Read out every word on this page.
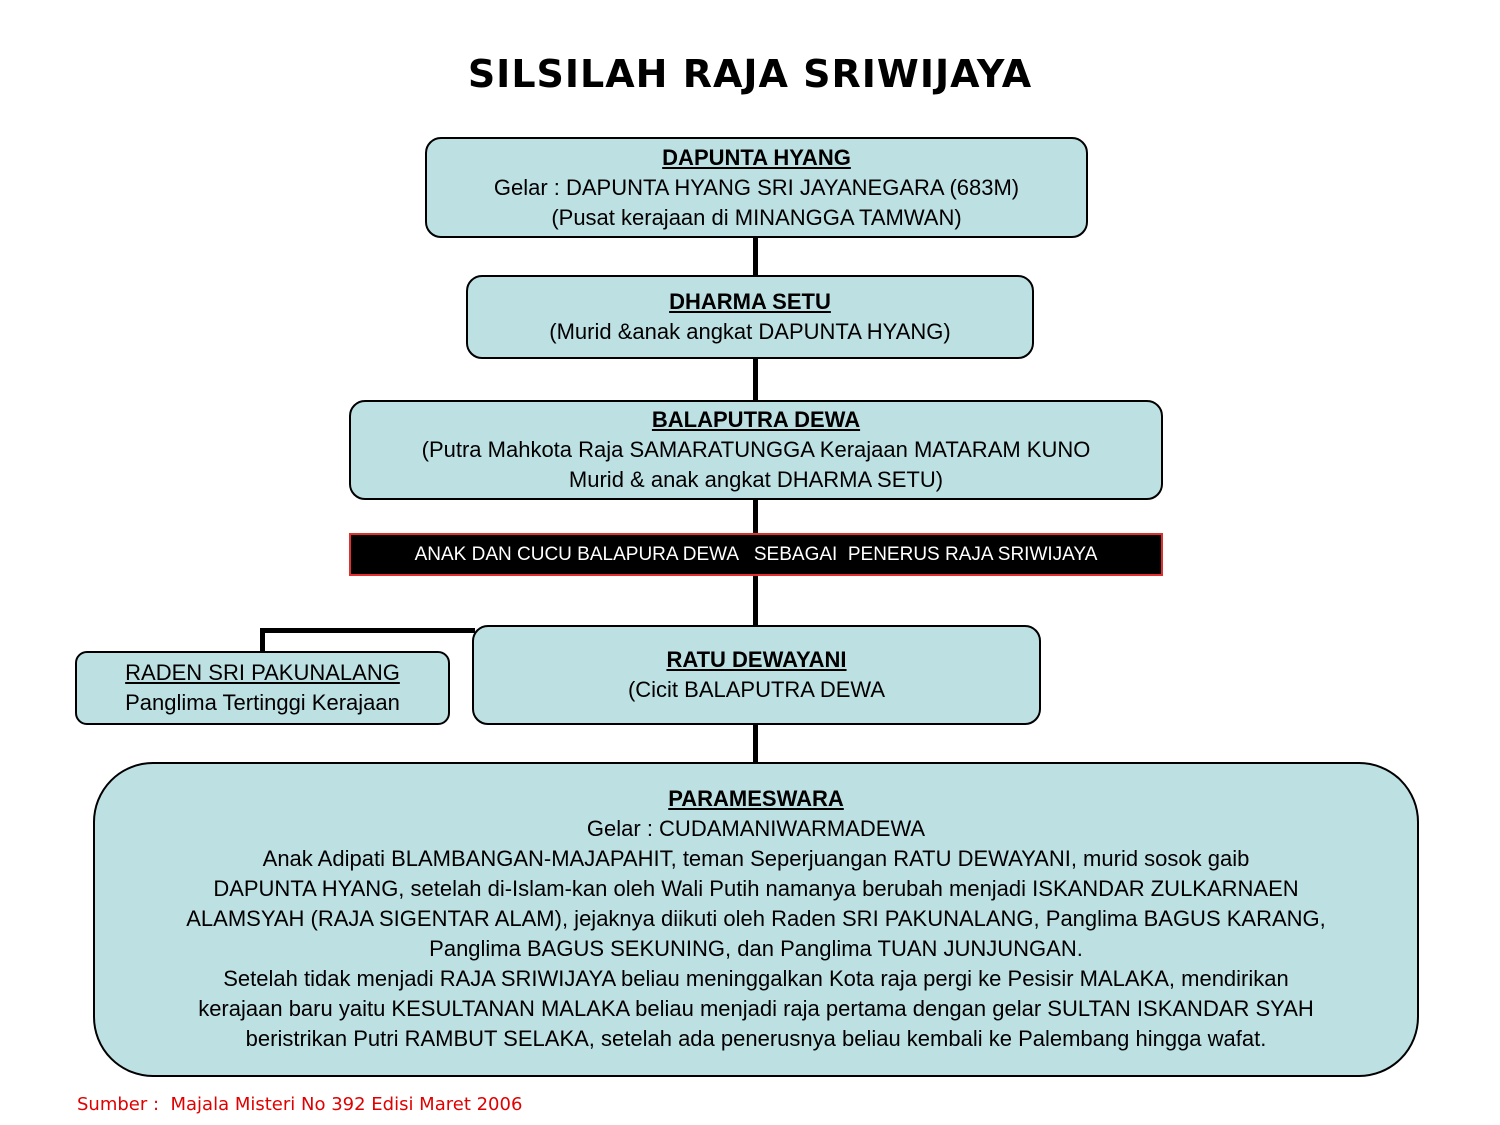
SILSILAH RAJA SRIWIJAYA
DAPUNTA HYANG
Gelar : DAPUNTA HYANG SRI JAYANEGARA (683M)
(Pusat kerajaan di MINANGGA TAMWAN)
DHARMA SETU
(Murid &anak angkat DAPUNTA HYANG)
BALAPUTRA DEWA
(Putra Mahkota Raja SAMARATUNGGA Kerajaan MATARAM KUNO
Murid & anak angkat DHARMA SETU)
ANAK DAN CUCU BALAPURA DEWA   SEBAGAI  PENERUS RAJA SRIWIJAYA
RADEN SRI PAKUNALANG
Panglima Tertinggi Kerajaan
RATU DEWAYANI
(Cicit BALAPUTRA DEWA
PARAMESWARA
Gelar : CUDAMANIWARMADEWA
Anak Adipati BLAMBANGAN-MAJAPAHIT, teman Seperjuangan RATU DEWAYANI, murid sosok gaib
DAPUNTA HYANG, setelah di-Islam-kan oleh Wali Putih namanya berubah menjadi ISKANDAR ZULKARNAEN
ALAMSYAH (RAJA SIGENTAR ALAM), jejaknya diikuti oleh Raden SRI PAKUNALANG, Panglima BAGUS KARANG,
Panglima BAGUS SEKUNING, dan Panglima TUAN JUNJUNGAN.
Setelah tidak menjadi RAJA SRIWIJAYA beliau meninggalkan Kota raja pergi ke Pesisir MALAKA, mendirikan
kerajaan baru yaitu KESULTANAN MALAKA beliau menjadi raja pertama dengan gelar SULTAN ISKANDAR SYAH
beristrikan Putri RAMBUT SELAKA, setelah ada penerusnya beliau kembali ke Palembang hingga wafat.
Sumber :  Majala Misteri No 392 Edisi Maret 2006
